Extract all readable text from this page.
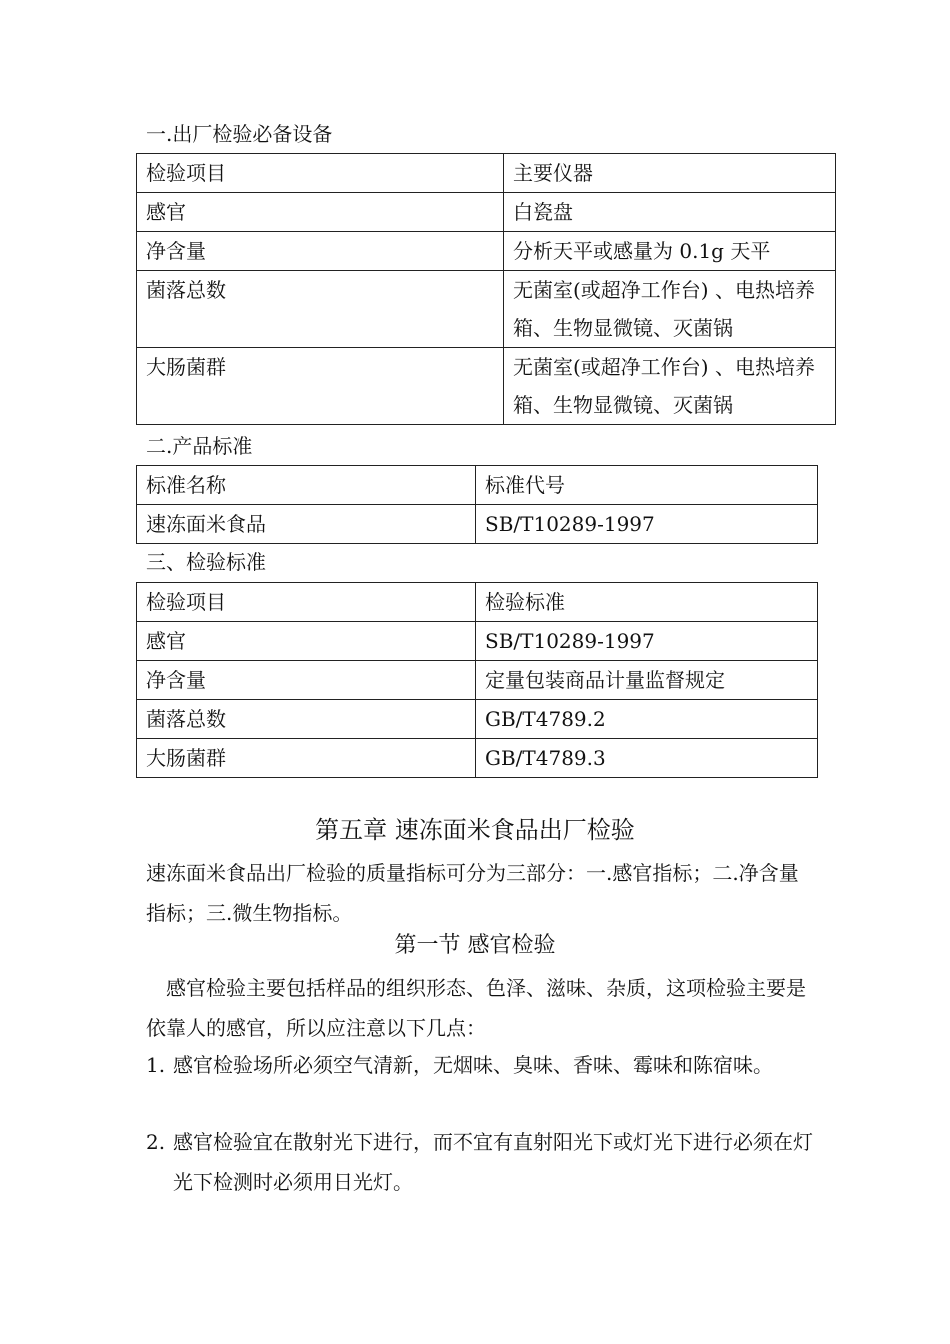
一.出厂检验必备设备
检验项目	主要仪器
感官	白瓷盘
净含量	分析天平或感量为 0.1g 天平
菌落总数	无菌室(或超净工作台) 、电热培养箱、生物显微镜、灭菌锅
大肠菌群	无菌室(或超净工作台) 、电热培养箱、生物显微镜、灭菌锅
二.产品标准
标准名称	标准代号
速冻面米食品	SB/T10289-1997
三、检验标准
检验项目	检验标准
感官	SB/T10289-1997
净含量	定量包装商品计量监督规定
菌落总数	GB/T4789.2
大肠菌群	GB/T4789.3
第五章 速冻面米食品出厂检验
速冻面米食品出厂检验的质量指标可分为三部分：一.感官指标；二.净含量指标；三.微生物指标。
第一节 感官检验
感官检验主要包括样品的组织形态、色泽、滋味、杂质，这项检验主要是依靠人的感官，所以应注意以下几点：
1. 感官检验场所必须空气清新，无烟味、臭味、香味、霉味和陈宿味。
2. 感官检验宜在散射光下进行，而不宜有直射阳光下或灯光下进行必须在灯光下检测时必须用日光灯。
